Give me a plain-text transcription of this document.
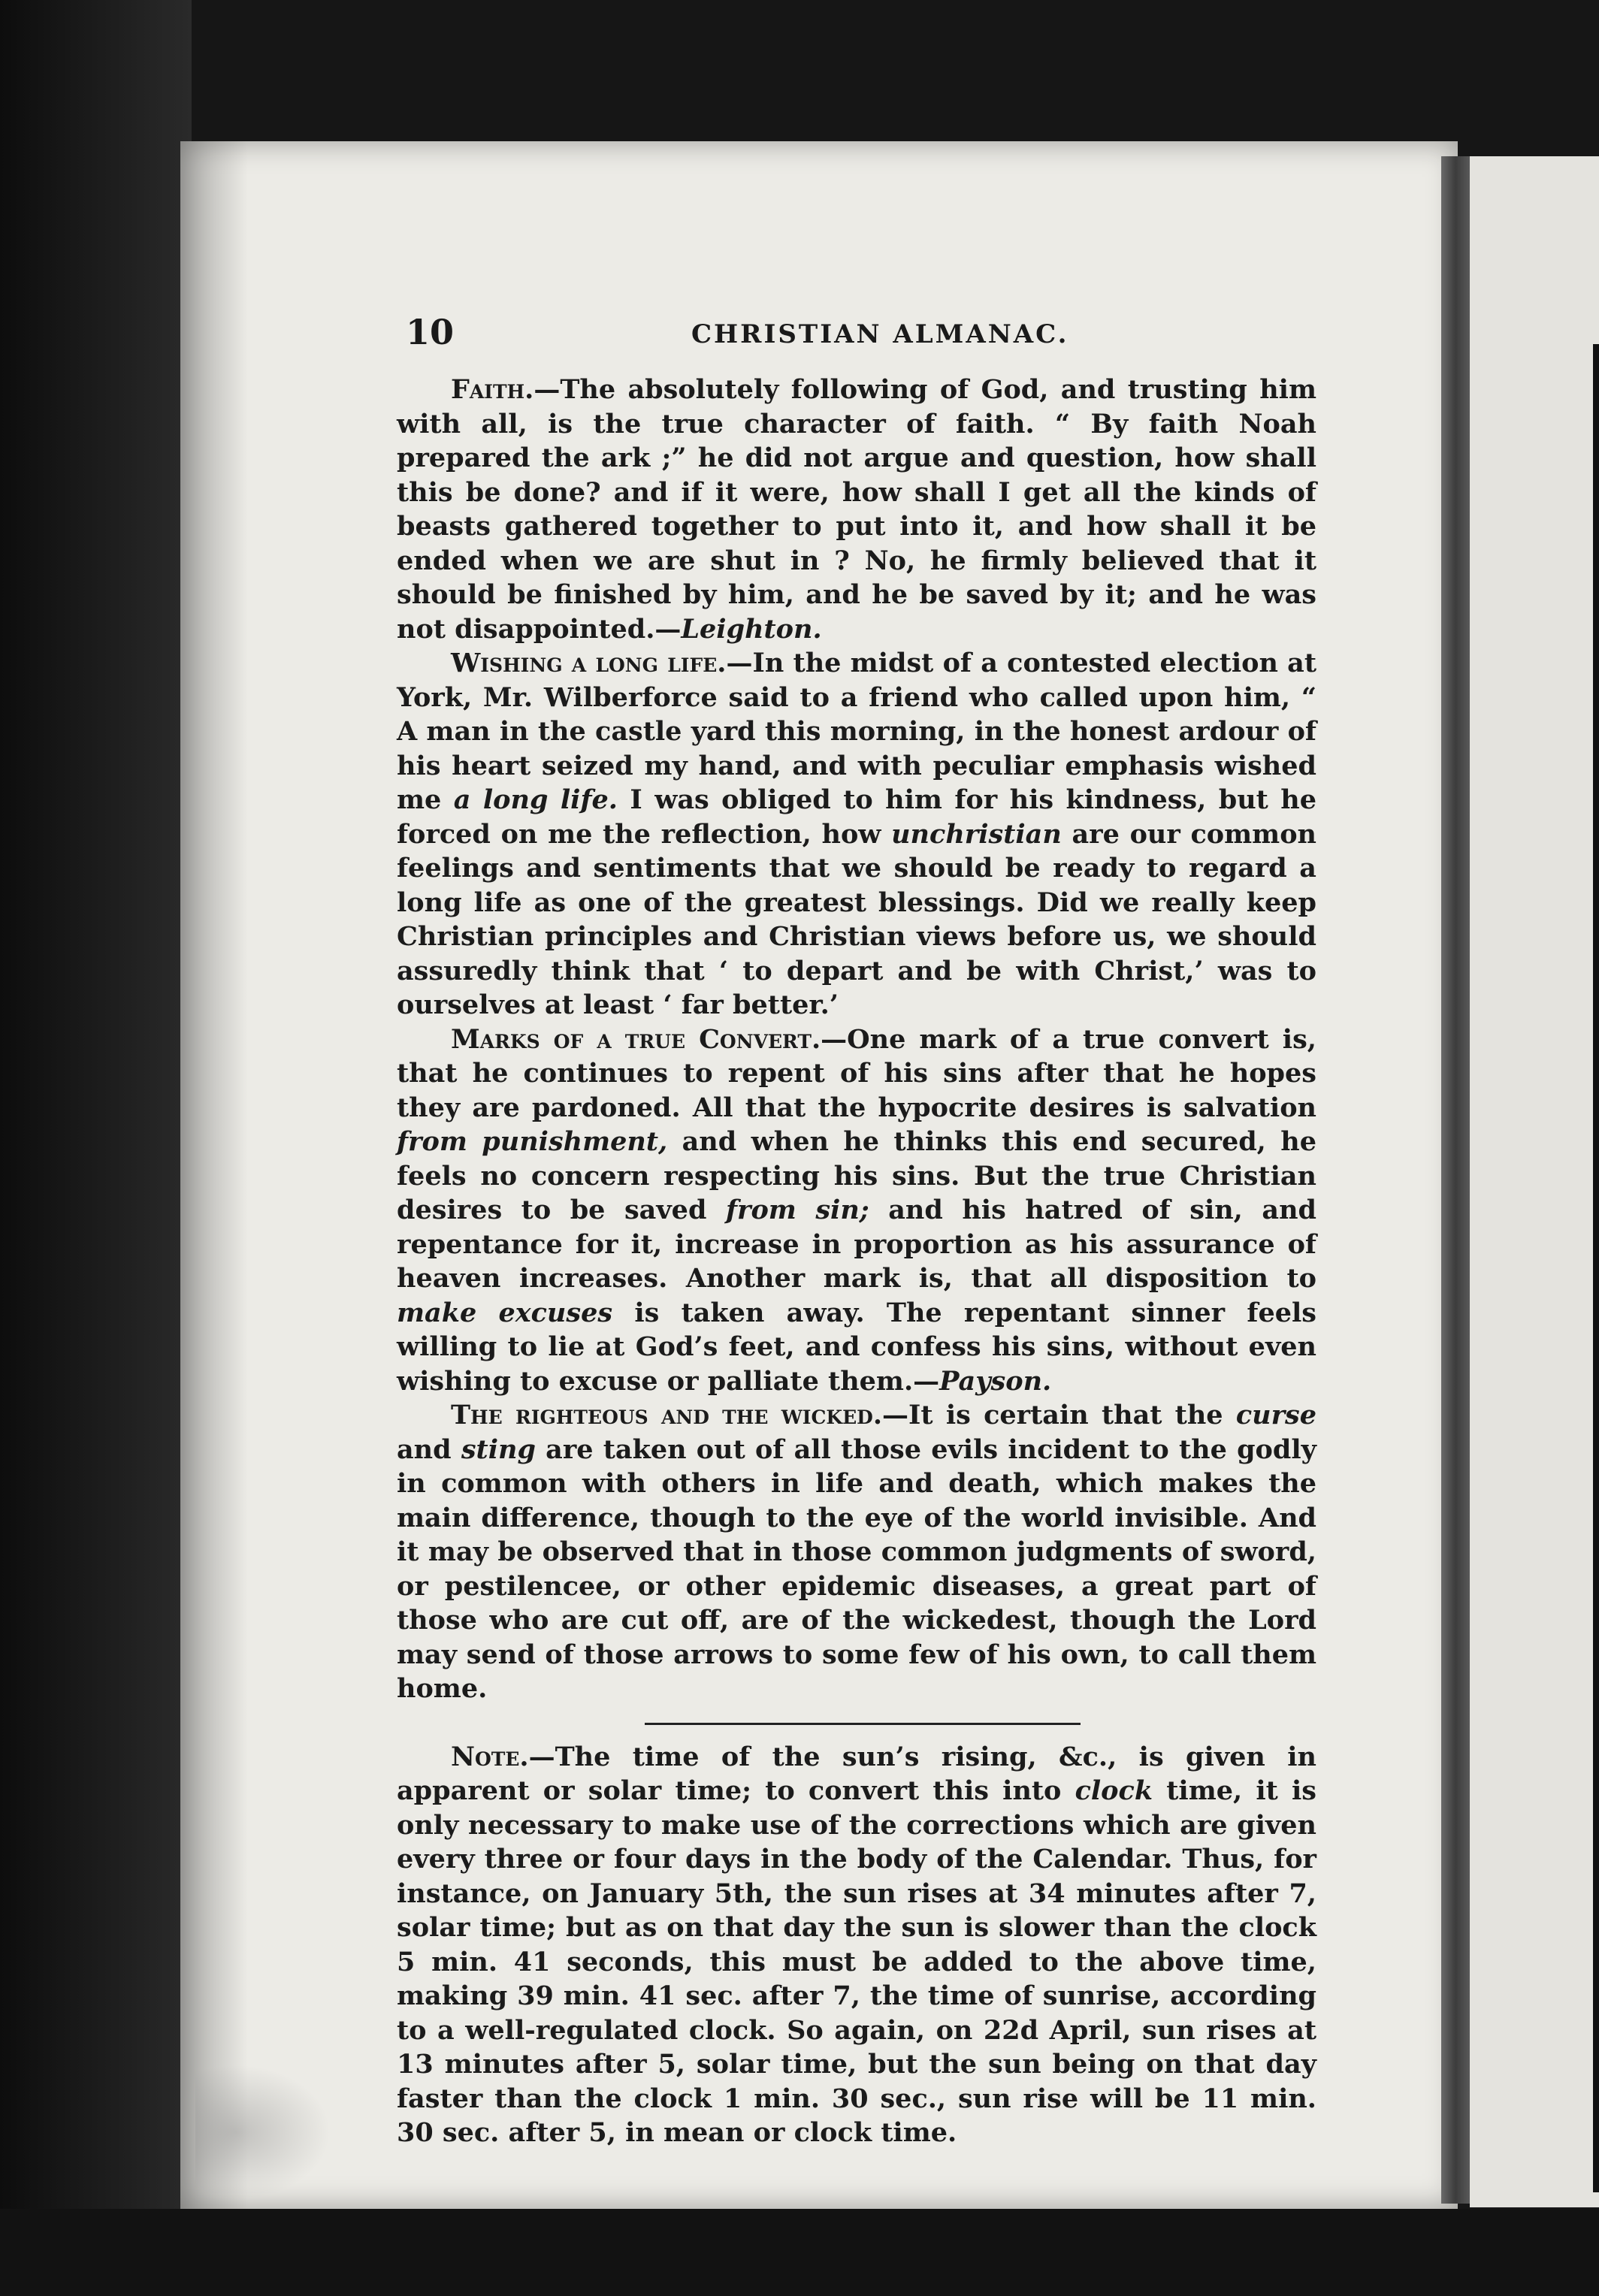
10	CHRISTIAN ALMANAC.

Faith.—The absolutely following of God, and trusting him with all, is the true character of faith. “ By faith Noah prepared the ark ;” he did not argue and question, how shall this be done? and if it were, how shall I get all the kinds of beasts gathered together to put into it, and how shall it be ended when we are shut in ? No, he firmly believed that it should be finished by him, and he be saved by it; and he was not disappointed.—Leighton.

Wishing a long life.—In the midst of a contested election at York, Mr. Wilberforce said to a friend who called upon him, “ A man in the castle yard this morning, in the honest ardour of his heart seized my hand, and with peculiar emphasis wished me a long life. I was obliged to him for his kindness, but he forced on me the reflection, how unchristian are our common feelings and sentiments that we should be ready to regard a long life as one of the greatest blessings. Did we really keep Christian principles and Christian views before us, we should assuredly think that ‘ to depart and be with Christ,’ was to ourselves at least ‘ far better.’

Marks of a true Convert.—One mark of a true convert is, that he continues to repent of his sins after that he hopes they are pardoned. All that the hypocrite desires is salvation from punishment, and when he thinks this end secured, he feels no concern respecting his sins. But the true Christian desires to be saved from sin; and his hatred of sin, and repentance for it, increase in proportion as his assurance of heaven increases. Another mark is, that all disposition to make excuses is taken away. The repentant sinner feels willing to lie at God’s feet, and confess his sins, without even wishing to excuse or palliate them.—Payson.

The righteous and the wicked.—It is certain that the curse and sting are taken out of all those evils incident to the godly in common with others in life and death, which makes the main difference, though to the eye of the world invisible. And it may be observed that in those common judgments of sword, or pestilencee, or other epidemic diseases, a great part of those who are cut off, are of the wickedest, though the Lord may send of those arrows to some few of his own, to call them home.

Note.—The time of the sun’s rising, &c., is given in apparent or solar time; to convert this into clock time, it is only necessary to make use of the corrections which are given every three or four days in the body of the Calendar. Thus, for instance, on January 5th, the sun rises at 34 minutes after 7, solar time; but as on that day the sun is slower than the clock 5 min. 41 seconds, this must be added to the above time, making 39 min. 41 sec. after 7, the time of sunrise, according to a well-regulated clock. So again, on 22d April, sun rises at 13 minutes after 5, solar time, but the sun being on that day faster than the clock 1 min. 30 sec., sun rise will be 11 min. 30 sec. after 5, in mean or clock time.
